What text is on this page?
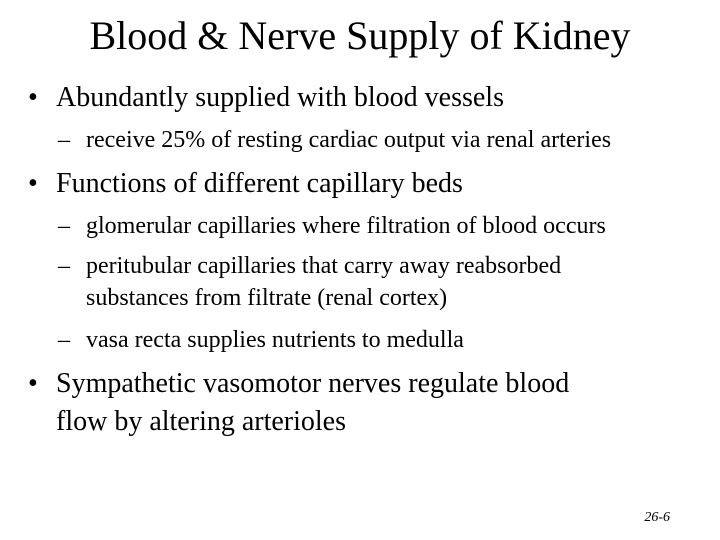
Blood & Nerve Supply of Kidney
• Abundantly supplied with blood vessels
– receive 25% of resting cardiac output via renal arteries
• Functions of different capillary beds
– glomerular capillaries where filtration of blood occurs
– peritubular capillaries that carry away reabsorbed
substances from filtrate (renal cortex)
– vasa recta supplies nutrients to medulla
• Sympathetic vasomotor nerves regulate blood
flow by altering arterioles
26-6
